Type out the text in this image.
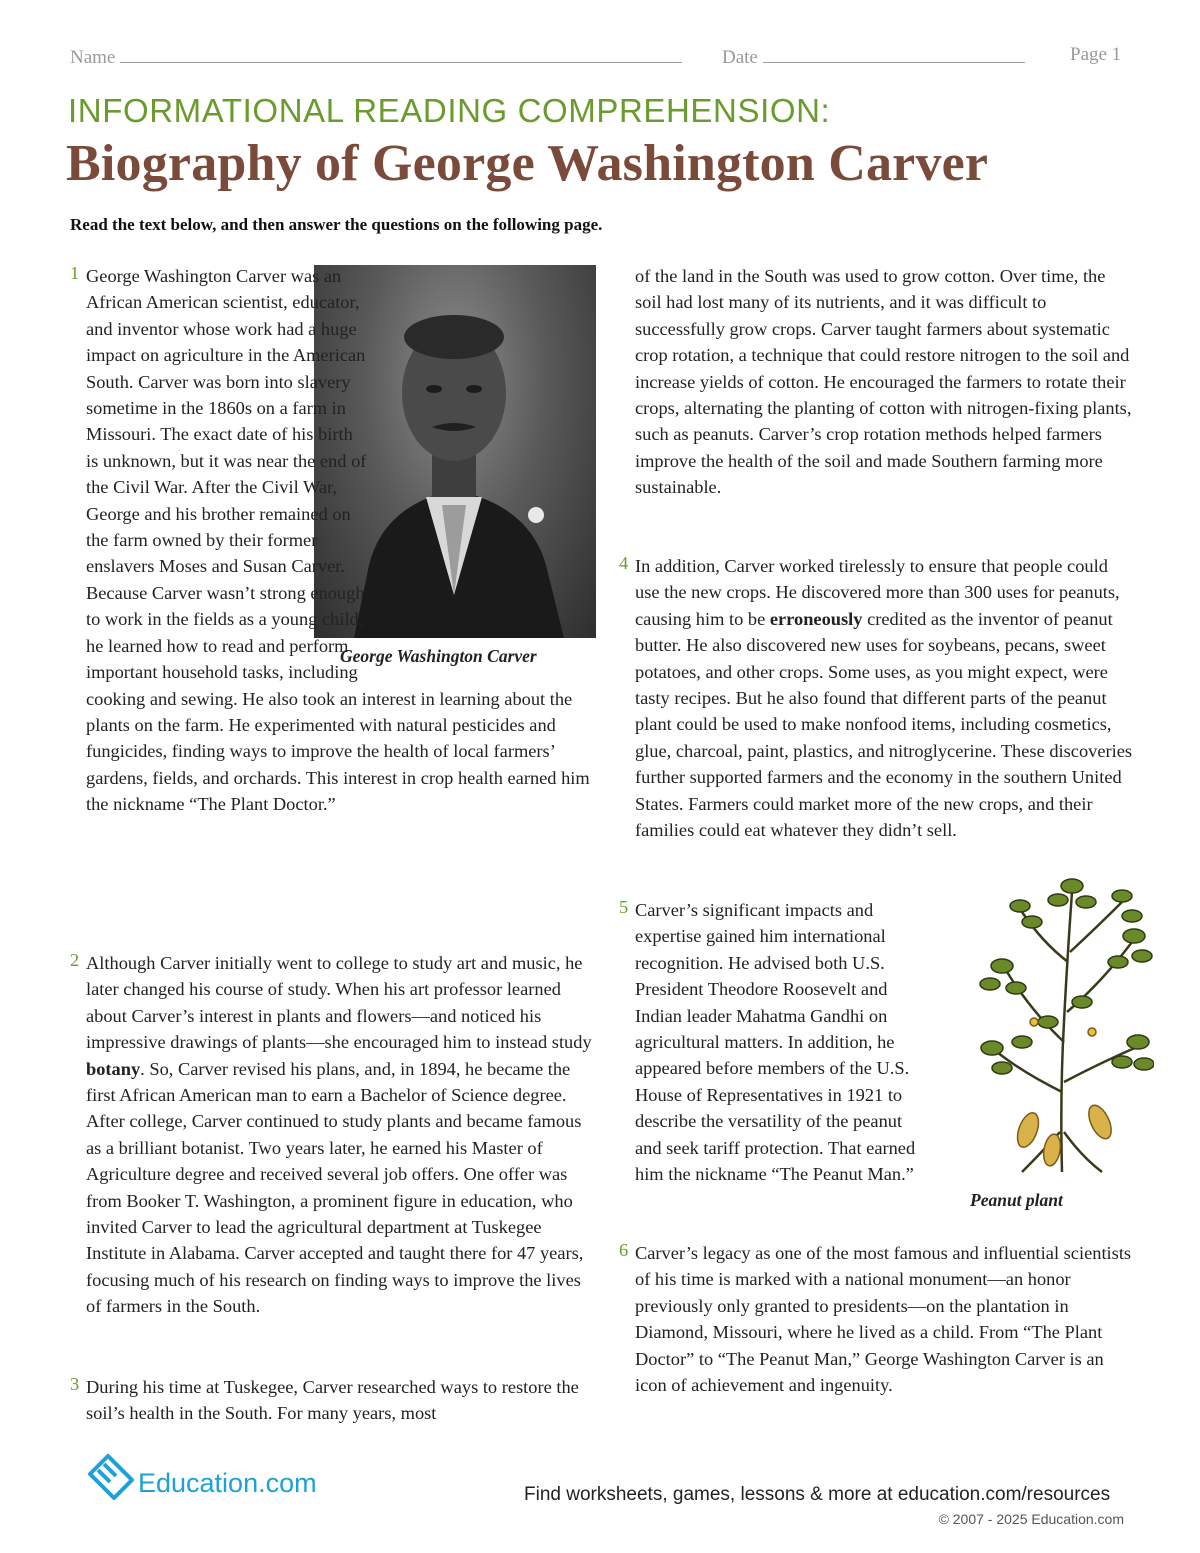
Name	Date	Page 1
INFORMATIONAL READING COMPREHENSION:
Biography of George Washington Carver
Read the text below, and then answer the questions on the following page.
George Washington Carver
1 George Washington Carver was an African American scientist, educator, and inventor whose work had a huge impact on agriculture in the American South. Carver was born into slavery sometime in the 1860s on a farm in Missouri. The exact date of his birth is unknown, but it was near the end of the Civil War. After the Civil War, George and his brother remained on the farm owned by their former enslavers Moses and Susan Carver. Because Carver wasn’t strong enough to work in the fields as a young child, he learned how to read and perform important household tasks, including cooking and sewing. He also took an interest in learning about the plants on the farm. He experimented with natural pesticides and fungicides, finding ways to improve the health of local farmers’ gardens, fields, and orchards. This interest in crop health earned him the nickname “The Plant Doctor.”

2 Although Carver initially went to college to study art and music, he later changed his course of study. When his art professor learned about Carver’s interest in plants and flowers—and noticed his impressive drawings of plants—she encouraged him to instead study botany. So, Carver revised his plans, and, in 1894, he became the first African American man to earn a Bachelor of Science degree. After college, Carver continued to study plants and became famous as a brilliant botanist. Two years later, he earned his Master of Agriculture degree and received several job offers. One offer was from Booker T. Washington, a prominent figure in education, who invited Carver to lead the agricultural department at Tuskegee Institute in Alabama. Carver accepted and taught there for 47 years, focusing much of his research on finding ways to improve the lives of farmers in the South.

3 During his time at Tuskegee, Carver researched ways to restore the soil’s health in the South. For many years, most

of the land in the South was used to grow cotton. Over time, the soil had lost many of its nutrients, and it was difficult to successfully grow crops. Carver taught farmers about systematic crop rotation, a technique that could restore nitrogen to the soil and increase yields of cotton. He encouraged the farmers to rotate their crops, alternating the planting of cotton with nitrogen-fixing plants, such as peanuts. Carver’s crop rotation methods helped farmers improve the health of the soil and made Southern farming more sustainable.

4 In addition, Carver worked tirelessly to ensure that people could use the new crops. He discovered more than 300 uses for peanuts, causing him to be erroneously credited as the inventor of peanut butter. He also discovered new uses for soybeans, pecans, sweet potatoes, and other crops. Some uses, as you might expect, were tasty recipes. But he also found that different parts of the peanut plant could be used to make nonfood items, including cosmetics, glue, charcoal, paint, plastics, and nitroglycerine. These discoveries further supported farmers and the economy in the southern United States. Farmers could market more of the new crops, and their families could eat whatever they didn’t sell.

5 Carver’s significant impacts and expertise gained him international recognition. He advised both U.S. President Theodore Roosevelt and Indian leader Mahatma Gandhi on agricultural matters. In addition, he appeared before members of the U.S. House of Representatives in 1921 to describe the versatility of the peanut and seek tariff protection. That earned him the nickname “The Peanut Man.”

Peanut plant
6 Carver’s legacy as one of the most famous and influential scientists of his time is marked with a national monument—an honor previously only granted to presidents—on the plantation in Diamond, Missouri, where he lived as a child. From “The Plant Doctor” to “The Peanut Man,” George Washington Carver is an icon of achievement and ingenuity.

Education.com	Find worksheets, games, lessons & more at education.com/resources
© 2007 - 2025 Education.com
